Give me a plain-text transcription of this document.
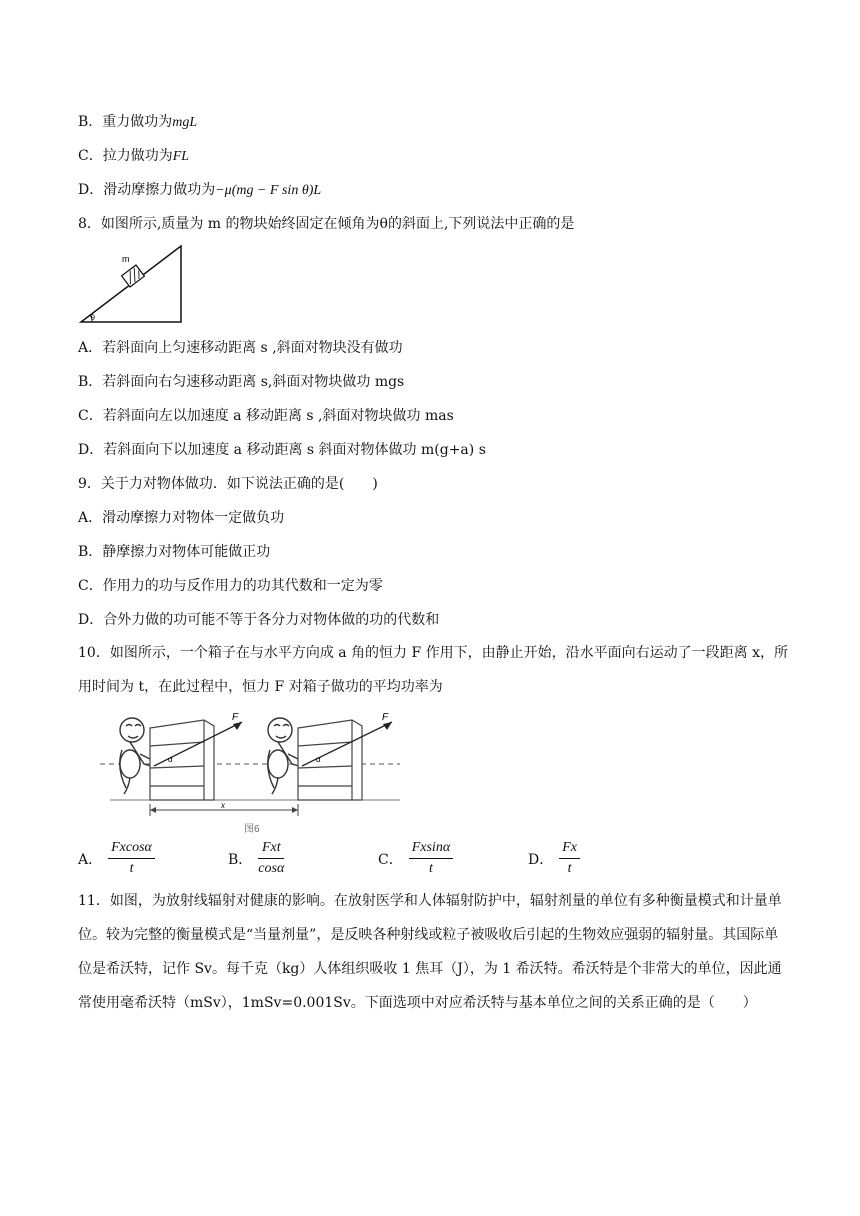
B．重力做功为mgL
C．拉力做功为FL
D．滑动摩擦力做功为−μ(mg − F sin θ)L
8．如图所示,质量为 m 的物块始终固定在倾角为θ的斜面上,下列说法中正确的是
m
θ
A．若斜面向上匀速移动距离 s ,斜面对物块没有做功
B．若斜面向右匀速移动距离 s,斜面对物块做功 mgs
C．若斜面向左以加速度 a 移动距离 s ,斜面对物块做功 mas
D．若斜面向下以加速度 a 移动距离 s 斜面对物体做功 m(g+a) s
9．关于力对物体做功．如下说法正确的是(　　)
A．滑动摩擦力对物体一定做负功
B．静摩擦力对物体可能做正功
C．作用力的功与反作用力的功其代数和一定为零
D．合外力做的功可能不等于各分力对物体做的功的代数和
10．如图所示，一个箱子在与水平方向成 a 角的恒力 F 作用下，由静止开始，沿水平面向右运动了一段距离 x，所用时间为 t，在此过程中，恒力 F 对箱子做功的平均功率为
F
α
F
α
x
图6
A． $\frac{Fxcos\alpha}{t}$	B． $\frac{\text{Fxt}}{\cos\alpha}$	C． $\frac{Fxsin\alpha}{t}$	D． $\frac{Fx}{t}$
11．如图，为放射线辐射对健康的影响。在放射医学和人体辐射防护中，辐射剂量的单位有多种衡量模式和计量单位。较为完整的衡量模式是“当量剂量”，是反映各种射线或粒子被吸收后引起的生物效应强弱的辐射量。其国际单位是希沃特，记作 Sv。每千克（kg）人体组织吸收 1 焦耳（J），为 1 希沃特。希沃特是个非常大的单位，因此通常使用毫希沃特（mSv），1mSv=0.001Sv。下面选项中对应希沃特与基本单位之间的关系正确的是（　　）
